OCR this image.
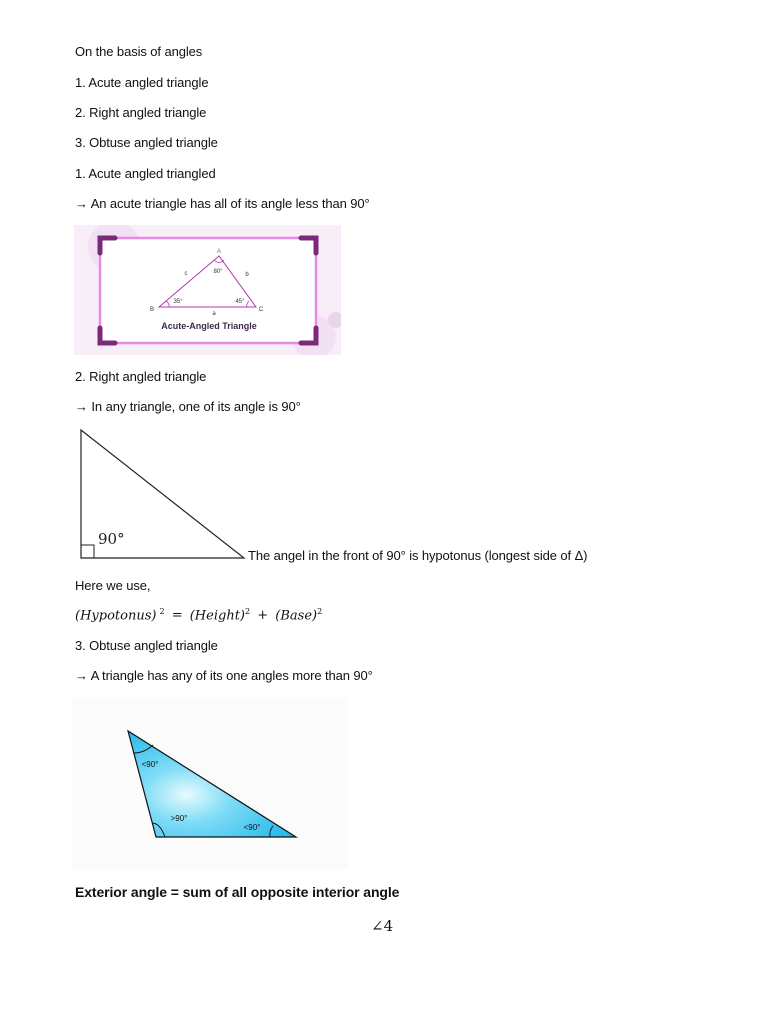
On the basis of angles
1. Acute angled triangle
2. Right angled triangle
3. Obtuse angled triangle
1. Acute angled triangled
→ An acute triangle has all of its angle less than 90°
A
B	C
a
b
c	80°
35°	45°
Acute-Angled Triangle
2. Right angled triangle
→ In any triangle, one of its angle is 90°
90°
The angel in the front of 90° is hypotonus (longest side of Δ)
Here we use,
(Hypotonus) $^2$ = (Height)$^2$ + (Base)$^2$
3. Obtuse angled triangle
→ A triangle has any of its one angles more than 90°
<90°
>90°
<90°
Exterior angle = sum of all opposite interior angle
∠4
